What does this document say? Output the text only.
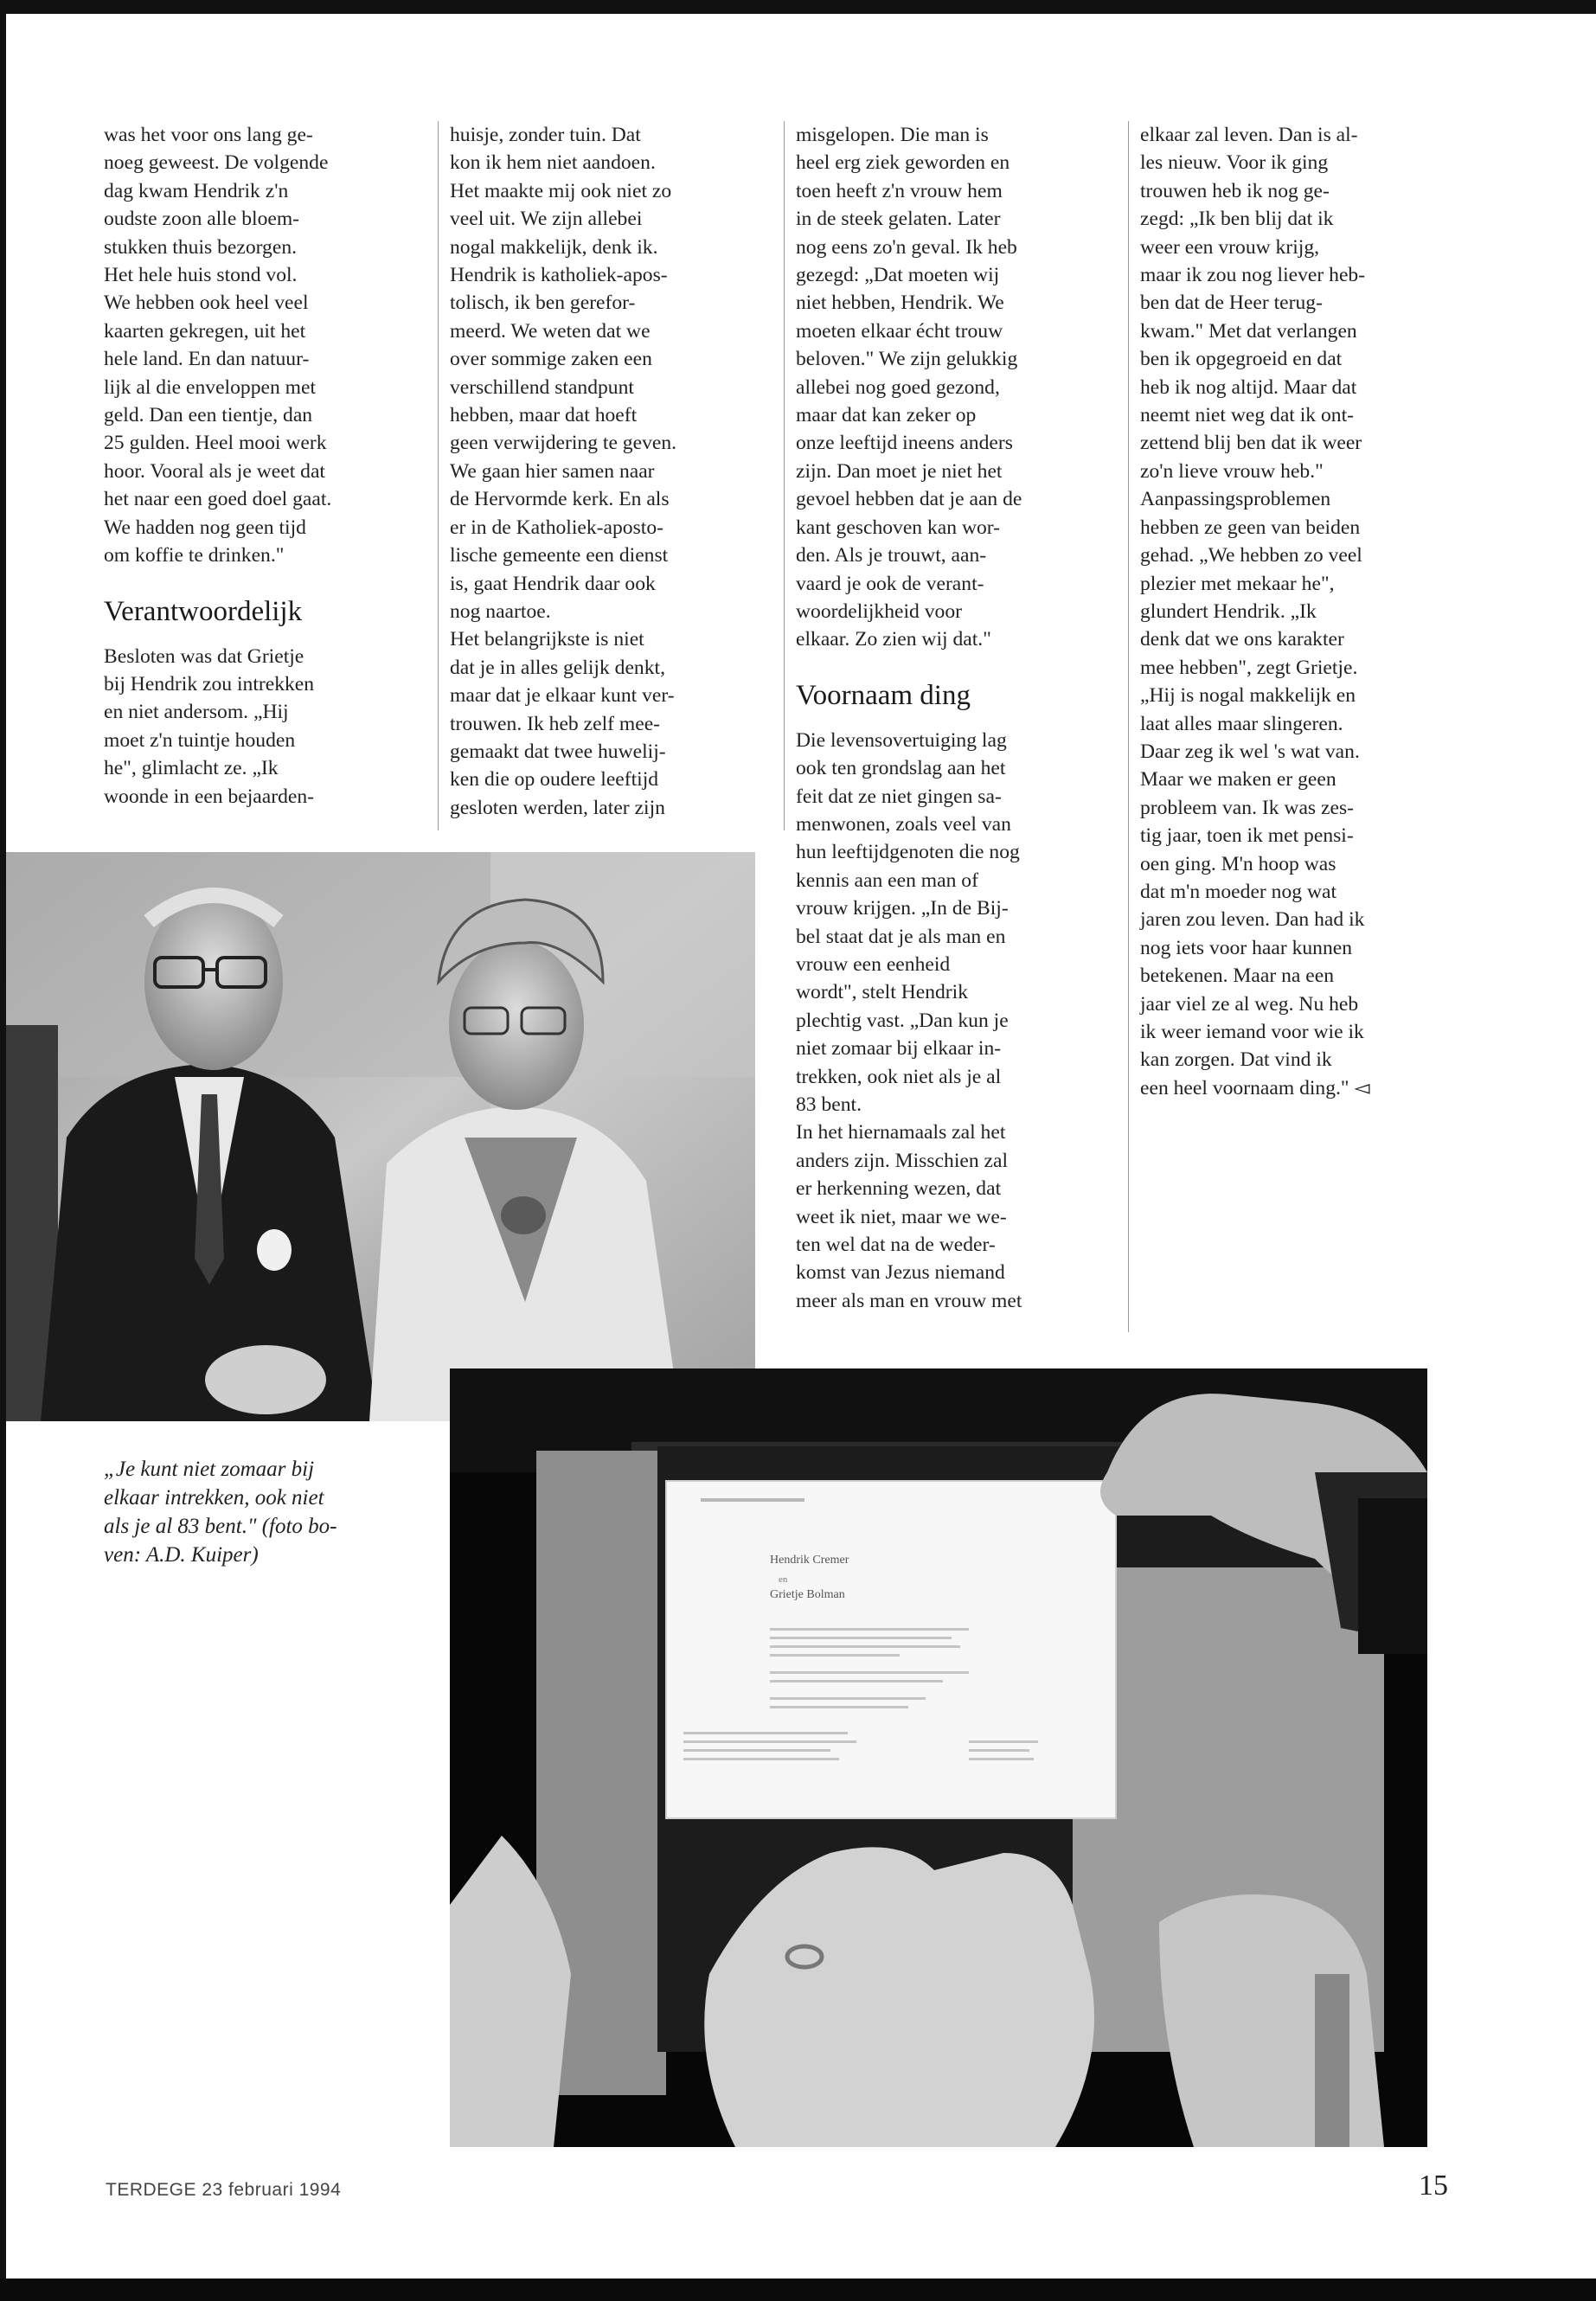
was het voor ons lang ge-
noeg geweest. De volgende
dag kwam Hendrik z'n
oudste zoon alle bloem-
stukken thuis bezorgen.
Het hele huis stond vol.
We hebben ook heel veel
kaarten gekregen, uit het
hele land. En dan natuur-
lijk al die enveloppen met
geld. Dan een tientje, dan
25 gulden. Heel mooi werk
hoor. Vooral als je weet dat
het naar een goed doel gaat.
We hadden nog geen tijd
om koffie te drinken."
Verantwoordelijk
Besloten was dat Grietje
bij Hendrik zou intrekken
en niet andersom. „Hij
moet z'n tuintje houden
he", glimlacht ze. „Ik
woonde in een bejaarden-
huisje, zonder tuin. Dat
kon ik hem niet aandoen.
Het maakte mij ook niet zo
veel uit. We zijn allebei
nogal makkelijk, denk ik.
Hendrik is katholiek-apos-
tolisch, ik ben gerefor-
meerd. We weten dat we
over sommige zaken een
verschillend standpunt
hebben, maar dat hoeft
geen verwijdering te geven.
We gaan hier samen naar
de Hervormde kerk. En als
er in de Katholiek-aposto-
lische gemeente een dienst
is, gaat Hendrik daar ook
nog naartoe.
Het belangrijkste is niet
dat je in alles gelijk denkt,
maar dat je elkaar kunt ver-
trouwen. Ik heb zelf mee-
gemaakt dat twee huwelij-
ken die op oudere leeftijd
gesloten werden, later zijn
misgelopen. Die man is
heel erg ziek geworden en
toen heeft z'n vrouw hem
in de steek gelaten. Later
nog eens zo'n geval. Ik heb
gezegd: „Dat moeten wij
niet hebben, Hendrik. We
moeten elkaar écht trouw
beloven." We zijn gelukkig
allebei nog goed gezond,
maar dat kan zeker op
onze leeftijd ineens anders
zijn. Dan moet je niet het
gevoel hebben dat je aan de
kant geschoven kan wor-
den. Als je trouwt, aan-
vaard je ook de verant-
woordelijkheid voor
elkaar. Zo zien wij dat."
Voornaam ding
Die levensovertuiging lag
ook ten grondslag aan het
feit dat ze niet gingen sa-
menwonen, zoals veel van
hun leeftijdgenoten die nog
kennis aan een man of
vrouw krijgen. „In de Bij-
bel staat dat je als man en
vrouw een eenheid
wordt", stelt Hendrik
plechtig vast. „Dan kun je
niet zomaar bij elkaar in-
trekken, ook niet als je al
83 bent.
In het hiernamaals zal het
anders zijn. Misschien zal
er herkenning wezen, dat
weet ik niet, maar we we-
ten wel dat na de weder-
komst van Jezus niemand
meer als man en vrouw met
elkaar zal leven. Dan is al-
les nieuw. Voor ik ging
trouwen heb ik nog ge-
zegd: „Ik ben blij dat ik
weer een vrouw krijg,
maar ik zou nog liever heb-
ben dat de Heer terug-
kwam." Met dat verlangen
ben ik opgegroeid en dat
heb ik nog altijd. Maar dat
neemt niet weg dat ik ont-
zettend blij ben dat ik weer
zo'n lieve vrouw heb."
Aanpassingsproblemen
hebben ze geen van beiden
gehad. „We hebben zo veel
plezier met mekaar he",
glundert Hendrik. „Ik
denk dat we ons karakter
mee hebben", zegt Grietje.
„Hij is nogal makkelijk en
laat alles maar slingeren.
Daar zeg ik wel 's wat van.
Maar we maken er geen
probleem van. Ik was zes-
tig jaar, toen ik met pensi-
oen ging. M'n hoop was
dat m'n moeder nog wat
jaren zou leven. Dan had ik
nog iets voor haar kunnen
betekenen. Maar na een
jaar viel ze al weg. Nu heb
ik weer iemand voor wie ik
kan zorgen. Dat vind ik
een heel voornaam ding." ◅
Hendrik Cremer
en
Grietje Bolman
„Je kunt niet zomaar bij
elkaar intrekken, ook niet
als je al 83 bent." (foto bo-
ven: A.D. Kuiper)
TERDEGE 23 februari 1994	15
